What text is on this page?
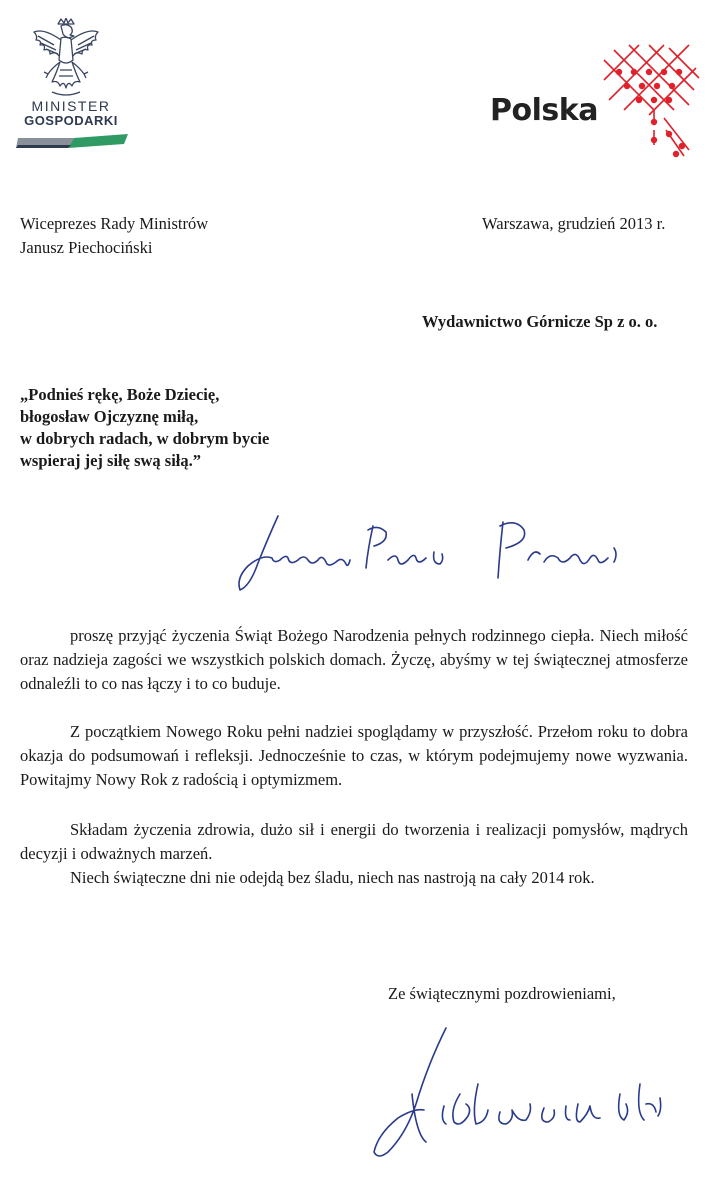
MINISTER
GOSPODARKI	Polska
Wiceprezes Rady Ministrów
Janusz Piechociński
Warszawa, grudzień 2013 r.
Wydawnictwo Górnicze Sp z o. o.
„Podnieś rękę, Boże Dziecię,
błogosław Ojczyznę miłą,
w dobrych radach, w dobrym bycie
wspieraj jej siłę swą siłą.”

proszę przyjąć życzenia Świąt Bożego Narodzenia pełnych rodzinnego ciepła. Niech miłość oraz nadzieja zagości we wszystkich polskich domach. Życzę, abyśmy w tej świątecznej atmosferze odnaleźli to co nas łączy i to co buduje.

Z początkiem Nowego Roku pełni nadziei spoglądamy w przyszłość. Przełom roku to dobra okazja do podsumowań i refleksji. Jednocześnie to czas, w którym podejmujemy nowe wyzwania. Powitajmy Nowy Rok z radością i optymizmem.

Składam życzenia zdrowia, dużo sił i energii do tworzenia i realizacji pomysłów, mądrych decyzji i odważnych marzeń.

Niech świąteczne dni nie odejdą bez śladu, niech nas nastroją na cały 2014 rok.

Ze świątecznymi pozdrowieniami,
